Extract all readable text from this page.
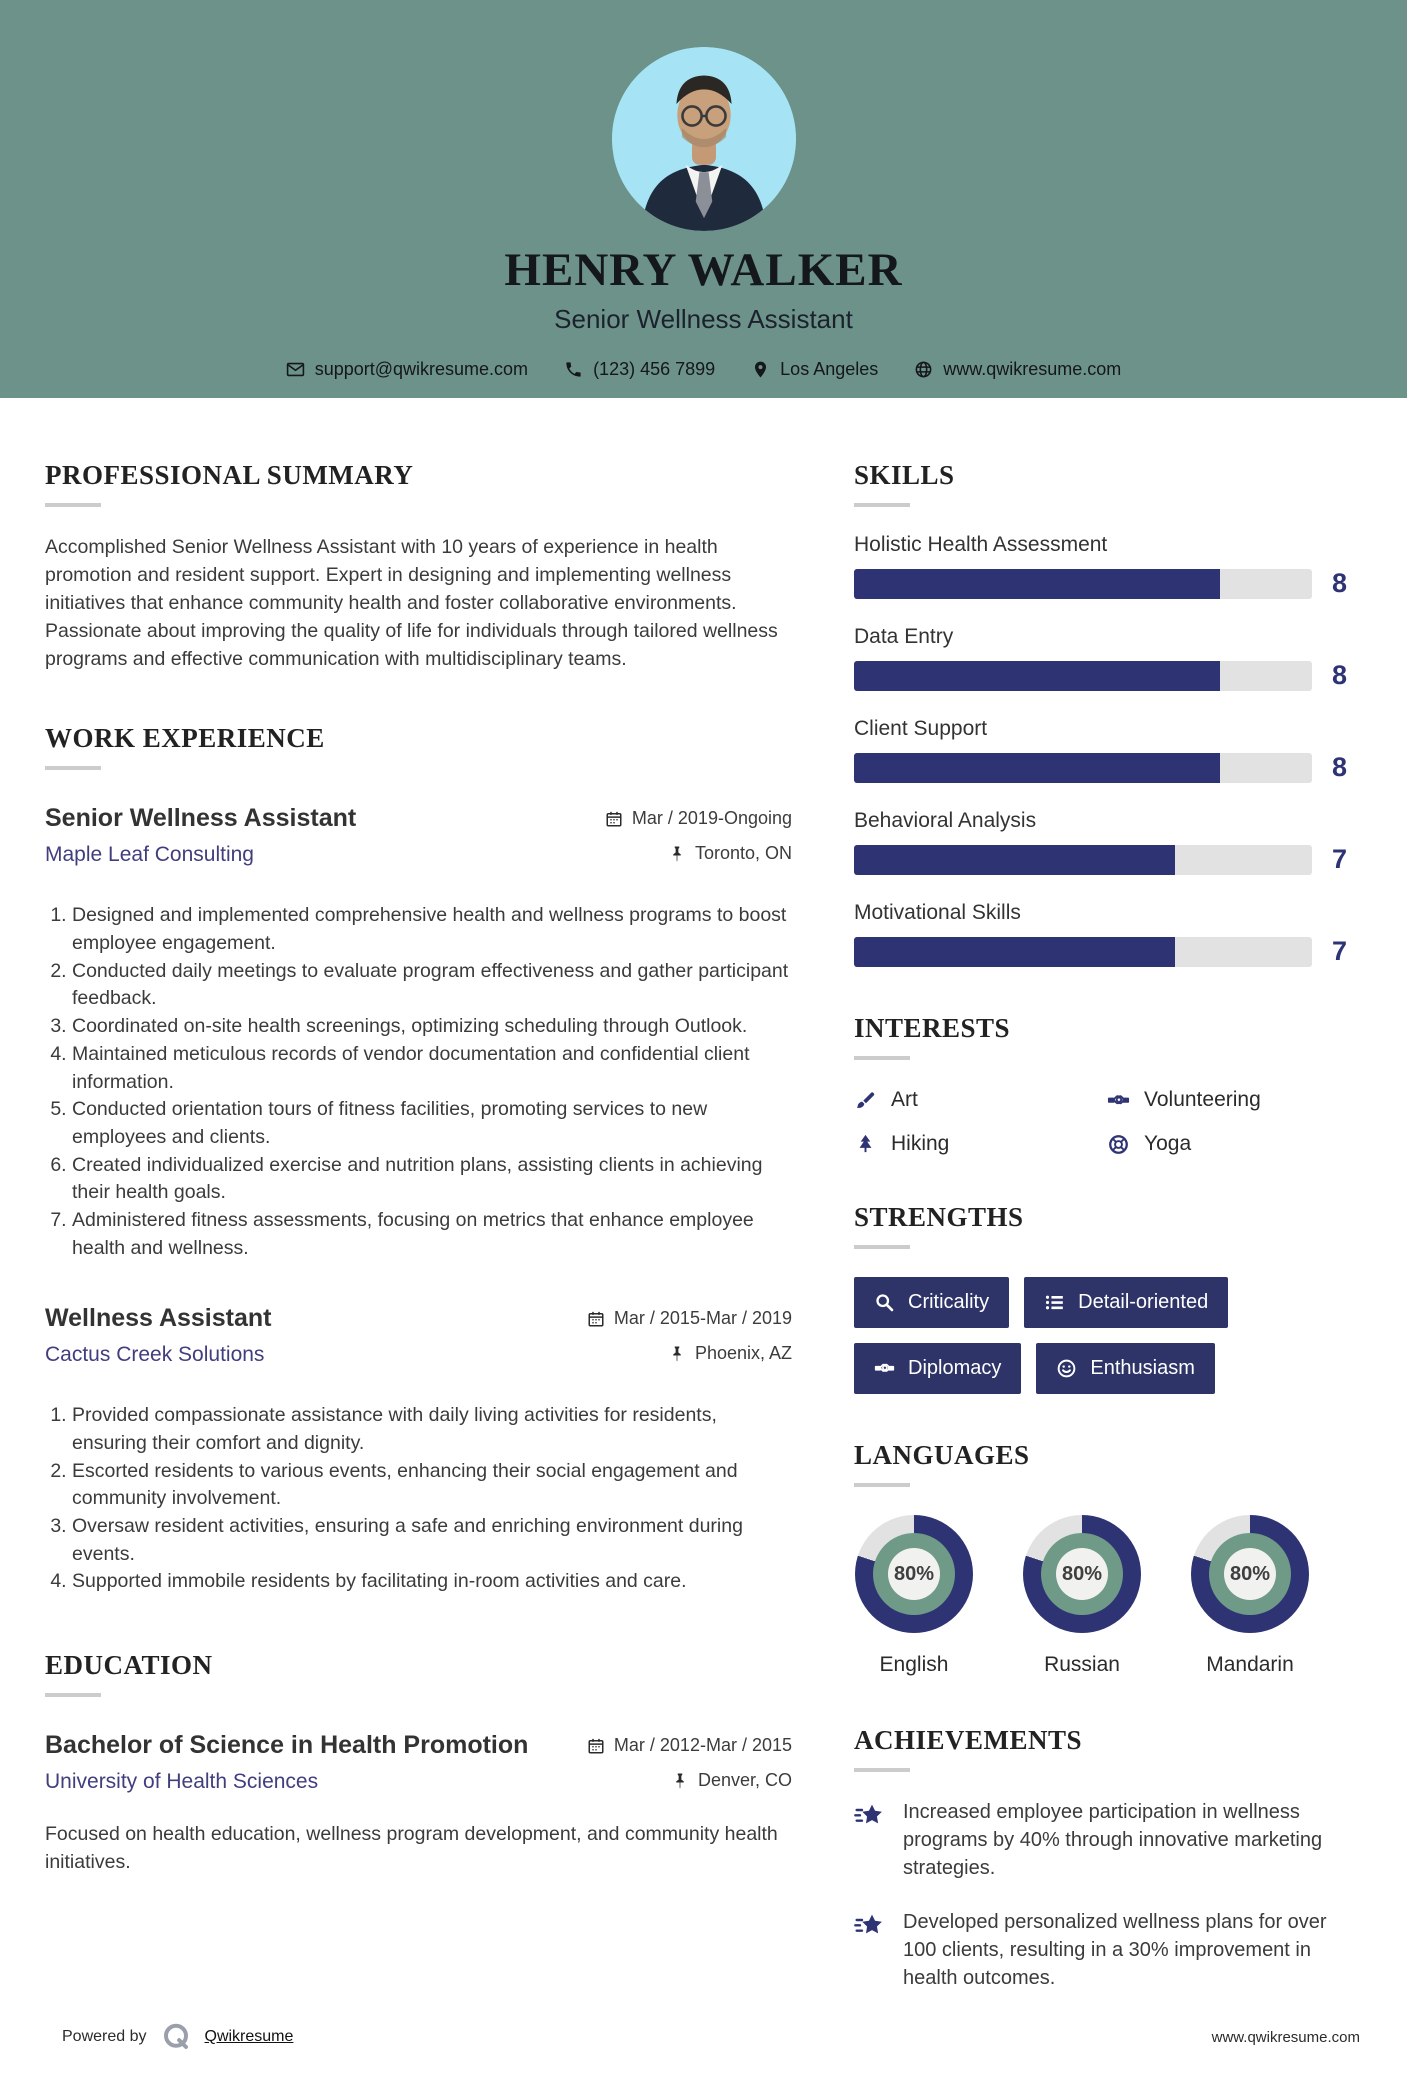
HENRY WALKER
Senior Wellness Assistant
support@qwikresume.com	(123) 456 7899	Los Angeles	www.qwikresume.com
PROFESSIONAL SUMMARY

Accomplished Senior Wellness Assistant with 10 years of experience in health promotion and resident support. Expert in designing and implementing wellness initiatives that enhance community health and foster collaborative environments. Passionate about improving the quality of life for individuals through tailored wellness programs and effective communication with multidisciplinary teams.

WORK EXPERIENCE
Senior Wellness Assistant
Maple Leaf Consulting
Mar / 2019-Ongoing
Toronto, ON
1. Designed and implemented comprehensive health and wellness programs to boost employee engagement.
2. Conducted daily meetings to evaluate program effectiveness and gather participant feedback.
3. Coordinated on-site health screenings, optimizing scheduling through Outlook.
4. Maintained meticulous records of vendor documentation and confidential client information.
5. Conducted orientation tours of fitness facilities, promoting services to new employees and clients.
6. Created individualized exercise and nutrition plans, assisting clients in achieving their health goals.
7. Administered fitness assessments, focusing on metrics that enhance employee health and wellness.
Wellness Assistant
Cactus Creek Solutions
Mar / 2015-Mar / 2019
Phoenix, AZ
1. Provided compassionate assistance with daily living activities for residents, ensuring their comfort and dignity.
2. Escorted residents to various events, enhancing their social engagement and community involvement.
3. Oversaw resident activities, ensuring a safe and enriching environment during events.
4. Supported immobile residents by facilitating in-room activities and care.
EDUCATION
Bachelor of Science in Health Promotion
University of Health Sciences
Mar / 2012-Mar / 2015
Denver, CO

Focused on health education, wellness program development, and community health initiatives.

SKILLS
Holistic Health Assessment
8
Data Entry
8
Client Support
8
Behavioral Analysis
7
Motivational Skills
7
INTERESTS
Art	Volunteering
Hiking	Yoga
STRENGTHS
Criticality	Detail-oriented
Diplomacy	Enthusiasm
LANGUAGES
80%
English
80%
Russian
80%
Mandarin
ACHIEVEMENTS
Increased employee participation in wellness programs by 40% through innovative marketing strategies.
Developed personalized wellness plans for over 100 clients, resulting in a 30% improvement in health outcomes.
Powered by	Qwikresume	www.qwikresume.com
